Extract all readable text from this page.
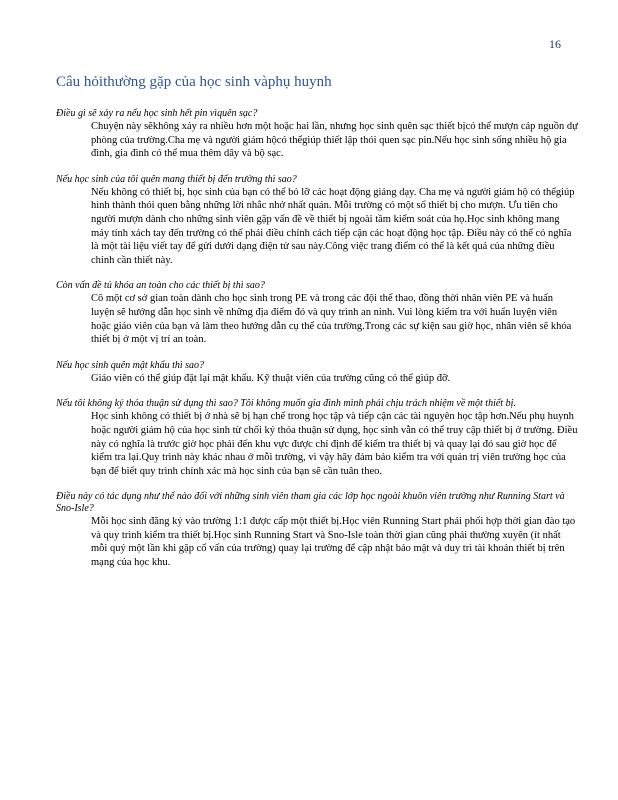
16
Câu hỏithường gặp của học sinh vàphụ huynh

Điều gì sẽ xảy ra nếu học sinh hết pin vìquên sạc?

Chuyện này sẽkhông xảy ra nhiều hơn một hoặc hai lần, nhưng học sinh quên sạc thiết bịcó thể mượn cáp nguồn dự phòng của trường.Cha mẹ và người giám hộcó thểgiúp thiết lập thói quen sạc pin.Nếu học sinh sống nhiều hộ gia đình, gia đình có thể mua thêm dây và bộ sạc.

Nếu học sinh của tôi quên mang thiết bị đến trường thì sao?

Nếu không có thiết bị, học sinh của bạn có thể bỏ lỡ các hoạt động giảng dạy. Cha mẹ và người giám hộ có thểgiúp hình thành thói quen bằng những lời nhắc nhở nhất quán. Mỗi trường có một số thiết bị cho mượn. Ưu tiên cho người mượn dành cho những sinh viên gặp vấn đề về thiết bị ngoài tầm kiểm soát của họ.Học sinh không mang máy tính xách tay đến trường có thể phải điều chỉnh cách tiếp cận các hoạt động học tập. Điều này có thể có nghĩa là một tài liệu viết tay để gửi dưới dạng điện tử sau này.Công việc trang điểm có thể là kết quả của những điều chỉnh cần thiết này.

Còn vấn đề tủ khóa an toàn cho các thiết bị thì sao?

Cô một cơ sở gian toàn dành cho học sinh trong PE và trong các đội thể thao, đồng thời nhân viên PE và huấn luyện sẽ hướng dẫn học sinh về những địa điểm đó và quy trình an ninh. Vui lòng kiểm tra với huấn luyện viên hoặc giáo viên của bạn và làm theo hướng dẫn cụ thể của trường.Trong các sự kiện sau giờ học, nhân viên sẽ khóa thiết bị ở một vị trí an toàn.

Nếu học sinh quên mật khẩu thì sao?

Giáo viên có thể giúp đặt lại mật khẩu. Kỹ thuật viên của trường cũng có thể giúp đỡ.

Nếu tôi không ký thỏa thuận sử dụng thì sao? Tôi không muốn gia đình mình phải chịu trách nhiệm về một thiết bị.

Học sinh không có thiết bị ở nhà sẽ bị hạn chế trong học tập và tiếp cận các tài nguyên học tập hơn.Nếu phụ huynh hoặc người giám hộ của học sinh từ chối ký thỏa thuận sử dụng, học sinh vẫn có thể truy cập thiết bị ở trường. Điều này có nghĩa là trước giờ học phải đến khu vực được chỉ định để kiểm tra thiết bị và quay lại đó sau giờ học để kiểm tra lại.Quy trình này khác nhau ở mỗi trường, vì vậy hãy đảm bảo kiểm tra với quản trị viên trường học của bạn để biết quy trình chính xác mà học sinh của bạn sẽ cần tuân theo.

Điều này có tác dụng như thế nào đối với những sinh viên tham gia các lớp học ngoài khuôn viên trường như Running Start và Sno-Isle?

Mỗi học sinh đăng ký vào trường 1:1 được cấp một thiết bị.Học viên Running Start phải phối hợp thời gian đào tạo và quy trình kiểm tra thiết bị.Học sinh Running Start và Sno-Isle toàn thời gian cũng phải thường xuyên (ít nhất mỗi quý một lần khi gặp cố vấn của trường) quay lại trường để cập nhật bảo mật và duy trì tài khoản thiết bị trên mạng của học khu.
